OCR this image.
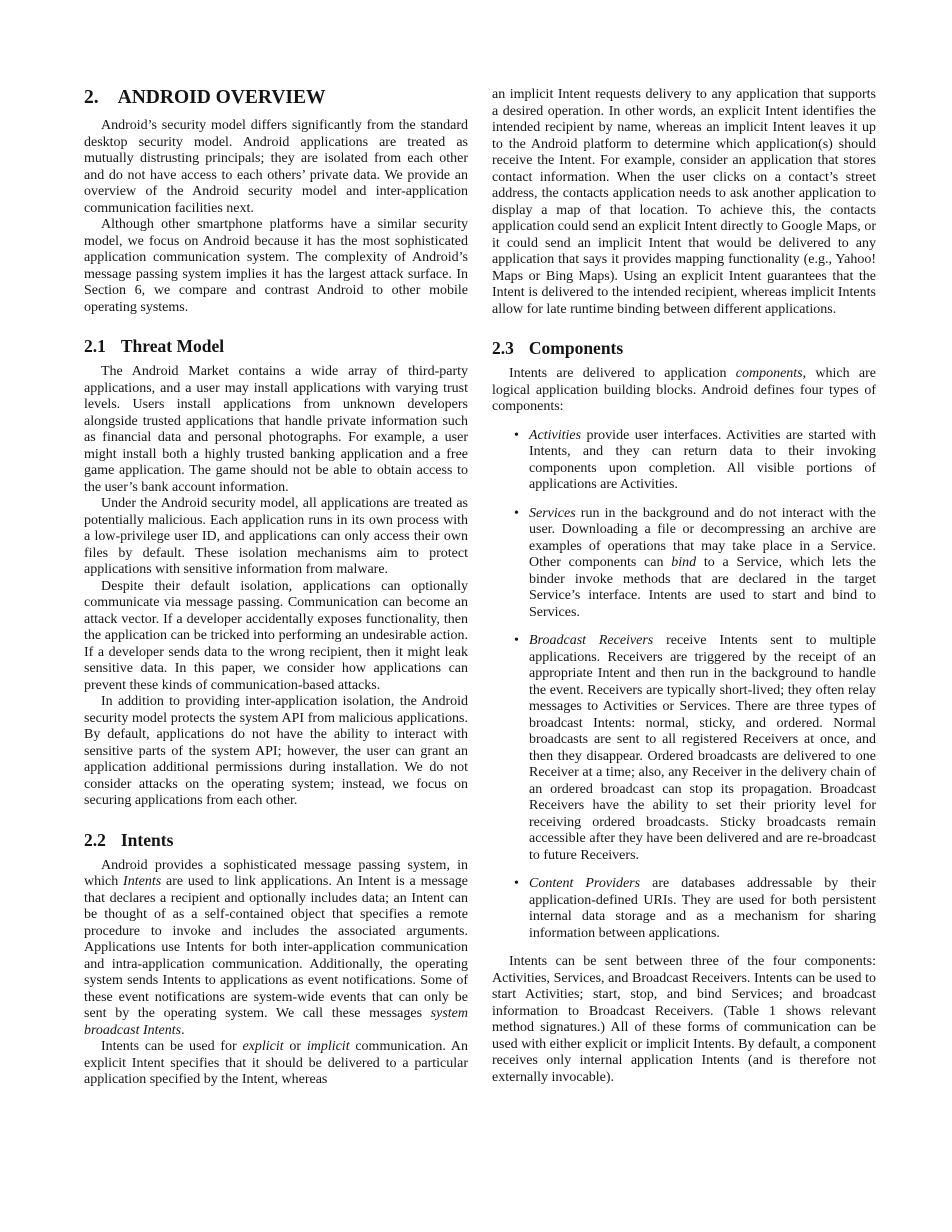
2. ANDROID OVERVIEW

Android’s security model differs significantly from the standard desktop security model. Android applications are treated as mutually distrusting principals; they are isolated from each other and do not have access to each others’ private data. We provide an overview of the Android security model and inter-application communication facilities next.

Although other smartphone platforms have a similar security model, we focus on Android because it has the most sophisticated application communication system. The complexity of Android’s message passing system implies it has the largest attack surface. In Section 6, we compare and contrast Android to other mobile operating systems.

2.1 Threat Model

The Android Market contains a wide array of third-party applications, and a user may install applications with varying trust levels. Users install applications from unknown developers alongside trusted applications that handle private information such as financial data and personal photographs. For example, a user might install both a highly trusted banking application and a free game application. The game should not be able to obtain access to the user’s bank account information.

Under the Android security model, all applications are treated as potentially malicious. Each application runs in its own process with a low-privilege user ID, and applications can only access their own files by default. These isolation mechanisms aim to protect applications with sensitive information from malware.

Despite their default isolation, applications can optionally communicate via message passing. Communication can become an attack vector. If a developer accidentally exposes functionality, then the application can be tricked into performing an undesirable action. If a developer sends data to the wrong recipient, then it might leak sensitive data. In this paper, we consider how applications can prevent these kinds of communication-based attacks.

In addition to providing inter-application isolation, the Android security model protects the system API from malicious applications. By default, applications do not have the ability to interact with sensitive parts of the system API; however, the user can grant an application additional permissions during installation. We do not consider attacks on the operating system; instead, we focus on securing applications from each other.

2.2 Intents

Android provides a sophisticated message passing system, in which Intents are used to link applications. An Intent is a message that declares a recipient and optionally includes data; an Intent can be thought of as a self-contained object that specifies a remote procedure to invoke and includes the associated arguments. Applications use Intents for both inter-application communication and intra-application communication. Additionally, the operating system sends Intents to applications as event notifications. Some of these event notifications are system-wide events that can only be sent by the operating system. We call these messages system broadcast Intents.

Intents can be used for explicit or implicit communication. An explicit Intent specifies that it should be delivered to a particular application specified by the Intent, whereas

an implicit Intent requests delivery to any application that supports a desired operation. In other words, an explicit Intent identifies the intended recipient by name, whereas an implicit Intent leaves it up to the Android platform to determine which application(s) should receive the Intent. For example, consider an application that stores contact information. When the user clicks on a contact’s street address, the contacts application needs to ask another application to display a map of that location. To achieve this, the contacts application could send an explicit Intent directly to Google Maps, or it could send an implicit Intent that would be delivered to any application that says it provides mapping functionality (e.g., Yahoo! Maps or Bing Maps). Using an explicit Intent guarantees that the Intent is delivered to the intended recipient, whereas implicit Intents allow for late runtime binding between different applications.

2.3 Components

Intents are delivered to application components, which are logical application building blocks. Android defines four types of components:

• Activities provide user interfaces. Activities are started with Intents, and they can return data to their invoking components upon completion. All visible portions of applications are Activities.
• Services run in the background and do not interact with the user. Downloading a file or decompressing an archive are examples of operations that may take place in a Service. Other components can bind to a Service, which lets the binder invoke methods that are declared in the target Service’s interface. Intents are used to start and bind to Services.
• Broadcast Receivers receive Intents sent to multiple applications. Receivers are triggered by the receipt of an appropriate Intent and then run in the background to handle the event. Receivers are typically short-lived; they often relay messages to Activities or Services. There are three types of broadcast Intents: normal, sticky, and ordered. Normal broadcasts are sent to all registered Receivers at once, and then they disappear. Ordered broadcasts are delivered to one Receiver at a time; also, any Receiver in the delivery chain of an ordered broadcast can stop its propagation. Broadcast Receivers have the ability to set their priority level for receiving ordered broadcasts. Sticky broadcasts remain accessible after they have been delivered and are re-broadcast to future Receivers.
• Content Providers are databases addressable by their application-defined URIs. They are used for both persistent internal data storage and as a mechanism for sharing information between applications.

Intents can be sent between three of the four components: Activities, Services, and Broadcast Receivers. Intents can be used to start Activities; start, stop, and bind Services; and broadcast information to Broadcast Receivers. (Table 1 shows relevant method signatures.) All of these forms of communication can be used with either explicit or implicit Intents. By default, a component receives only internal application Intents (and is therefore not externally invocable).
